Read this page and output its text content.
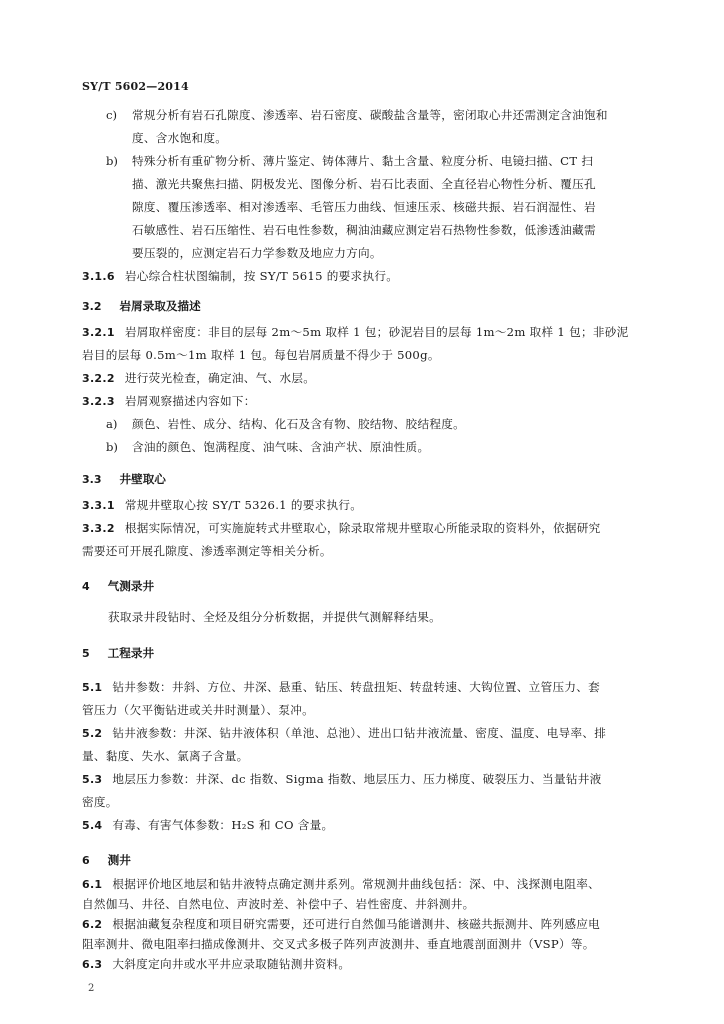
SY/T 5602—2014
c) 常规分析有岩石孔隙度、渗透率、岩石密度、碳酸盐含量等，密闭取心井还需测定含油饱和
度、含水饱和度。
b) 特殊分析有重矿物分析、薄片鉴定、铸体薄片、黏土含量、粒度分析、电镜扫描、CT 扫
描、激光共聚焦扫描、阴极发光、图像分析、岩石比表面、全直径岩心物性分析、覆压孔
隙度、覆压渗透率、相对渗透率、毛管压力曲线、恒速压汞、核磁共振、岩石润湿性、岩
石敏感性、岩石压缩性、岩石电性参数，稠油油藏应测定岩石热物性参数，低渗透油藏需
要压裂的，应测定岩石力学参数及地应力方向。
3.1.6 岩心综合柱状图编制，按 SY/T 5615 的要求执行。
3.2 岩屑录取及描述
3.2.1 岩屑取样密度：非目的层每 2m～5m 取样 1 包；砂泥岩目的层每 1m～2m 取样 1 包；非砂泥
岩目的层每 0.5m～1m 取样 1 包。每包岩屑质量不得少于 500g。
3.2.2 进行荧光检查，确定油、气、水层。
3.2.3 岩屑观察描述内容如下：
a) 颜色、岩性、成分、结构、化石及含有物、胶结物、胶结程度。
b) 含油的颜色、饱满程度、油气味、含油产状、原油性质。
3.3 井壁取心
3.3.1 常规井壁取心按 SY/T 5326.1 的要求执行。
3.3.2 根据实际情况，可实施旋转式井壁取心，除录取常规井壁取心所能录取的资料外，依据研究
需要还可开展孔隙度、渗透率测定等相关分析。
4 气测录井
获取录井段钻时、全烃及组分分析数据，并提供气测解释结果。
5 工程录井
5.1 钻井参数：井斜、方位、井深、悬重、钻压、转盘扭矩、转盘转速、大钩位置、立管压力、套
管压力（欠平衡钻进或关井时测量）、泵冲。
5.2 钻井液参数：井深、钻井液体积（单池、总池）、进出口钻井液流量、密度、温度、电导率、排
量、黏度、失水、氯离子含量。
5.3 地层压力参数：井深、dc 指数、Sigma 指数、地层压力、压力梯度、破裂压力、当量钻井液
密度。
5.4 有毒、有害气体参数：H₂S 和 CO 含量。
6 测井
6.1 根据评价地区地层和钻井液特点确定测井系列。常规测井曲线包括：深、中、浅探测电阻率、
自然伽马、井径、自然电位、声波时差、补偿中子、岩性密度、井斜测井。
6.2 根据油藏复杂程度和项目研究需要，还可进行自然伽马能谱测井、核磁共振测井、阵列感应电
阻率测井、微电阻率扫描成像测井、交叉式多极子阵列声波测井、垂直地震剖面测井（VSP）等。
6.3 大斜度定向井或水平井应录取随钻测井资料。
2
